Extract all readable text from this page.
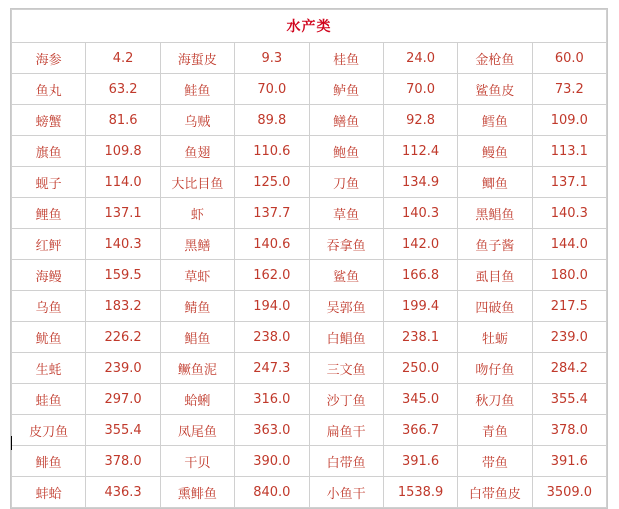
水产类							
海参	4.2	海蜇皮	9.3	桂鱼	24.0	金枪鱼	60.0
鱼丸	63.2	鲑鱼	70.0	鲈鱼	70.0	鲨鱼皮	73.2
螃蟹	81.6	乌贼	89.8	鳝鱼	92.8	鳕鱼	109.0
旗鱼	109.8	鱼翅	110.6	鲍鱼	112.4	鳗鱼	113.1
蚬子	114.0	大比目鱼	125.0	刀鱼	134.9	鲫鱼	137.1
鲤鱼	137.1	虾	137.7	草鱼	140.3	黑鲳鱼	140.3
红鲆	140.3	黑鳝	140.6	吞拿鱼	142.0	鱼子酱	144.0
海鳗	159.5	草虾	162.0	鲨鱼	166.8	虱目鱼	180.0
乌鱼	183.2	鲭鱼	194.0	吴郭鱼	199.4	四破鱼	217.5
鱿鱼	226.2	鲳鱼	238.0	白鲳鱼	238.1	牡蛎	239.0
生蚝	239.0	鳜鱼泥	247.3	三文鱼	250.0	吻仔鱼	284.2
蛙鱼	297.0	蛤蜊	316.0	沙丁鱼	345.0	秋刀鱼	355.4
皮刀鱼	355.4	凤尾鱼	363.0	扁鱼干	366.7	青鱼	378.0
鲱鱼	378.0	干贝	390.0	白带鱼	391.6	带鱼	391.6
蚌蛤	436.3	熏鲱鱼	840.0	小鱼干	1538.9	白带鱼皮	3509.0
